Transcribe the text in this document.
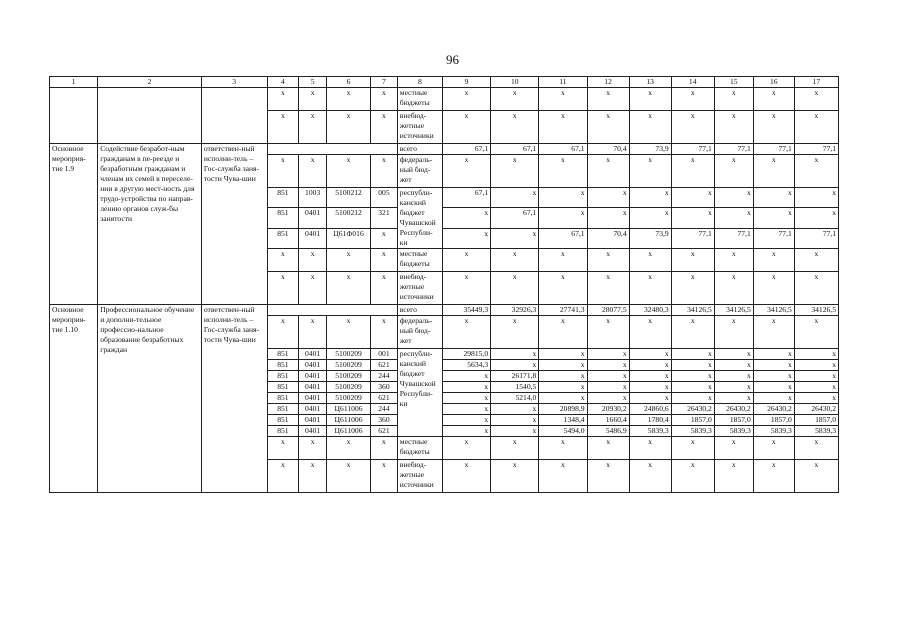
96
1	2	3	4	5	6	7	8	9	10	11	12	13	14	15	16	17
			x	x	x	x	местные бюджеты	x	x	x	x	x	x	x	x	x
			x	x	x	x	внебюд-жетные источники	x	x	x	x	x	x	x	x	x
Основное мероприя-тие 1.9	Содействие безработ-ным гражданам в пе-реезде и безработным гражданам и членам их семей в переселе-нии в другую мест-ность для трудо-устройства по направ-лению органов служ-бы занятости	ответствен-ный исполни-тель – Гос-служба заня-тости Чува-шии					всего	67,1	67,1	67,1	70,4	73,9	77,1	77,1	77,1	77,1
			x	x	x	x	федераль-ный бюд-жет	x	x	x	x	x	x	x	x	x
			851	1003	5100212	005	республи-канский бюджет Чувашской Республи-ки	67,1	x	x	x	x	x	x	x	x
			851	0401	5100212	321		x	67,1	x	x	x	x	x	x	x
			851	0401	Ц61Ф016	x		x	x	67,1	70,4	73,9	77,1	77,1	77,1	77,1
			x	x	x	x	местные бюджеты	x	x	x	x	x	x	x	x	x
			x	x	x	x	внебюд-жетные источники	x	x	x	x	x	x	x	x	x
Основное мероприя-тие 1.10	Профессиональное обучение и дополни-тельное профессио-нальное образование безработных граждан	ответствен-ный исполни-тель – Гос-служба заня-тости Чува-шии					всего	35449,3	32926,3	27741,3	28077,5	32480,3	34126,5	34126,5	34126,5	34126,5
			x	x	x	x	федераль-ный бюд-жет	x	x	x	x	x	x	x	x	x
			851	0401	5100209	001	республи-канский бюджет Чувашской Республи-ки	29815,0	x	x	x	x	x	x	x	x
			851	0401	5100209	621		5634,3	x	x	x	x	x	x	x	x
			851	0401	5100209	244		x	26171,8	x	x	x	x	x	x	x
			851	0401	5100209	360		x	1540,5	x	x	x	x	x	x	x
			851	0401	5100209	621		x	5214,0	x	x	x	x	x	x	x
			851	0401	Ц611006	244		x	x	20898,9	20930,2	24860,6	26430,2	26430,2	26430,2	26430,2
			851	0401	Ц611006	360		x	x	1348,4	1660,4	1780,4	1857,0	1857,0	1857,0	1857,0
			851	0401	Ц611006	621		x	x	5494,0	5486,9	5839,3	5839,3	5839,3	5839,3	5839,3
			x	x	x	x	местные бюджеты	x	x	x	x	x	x	x	x	x
			x	x	x	x	внебюд-жетные источники	x	x	x	x	x	x	x	x	x
